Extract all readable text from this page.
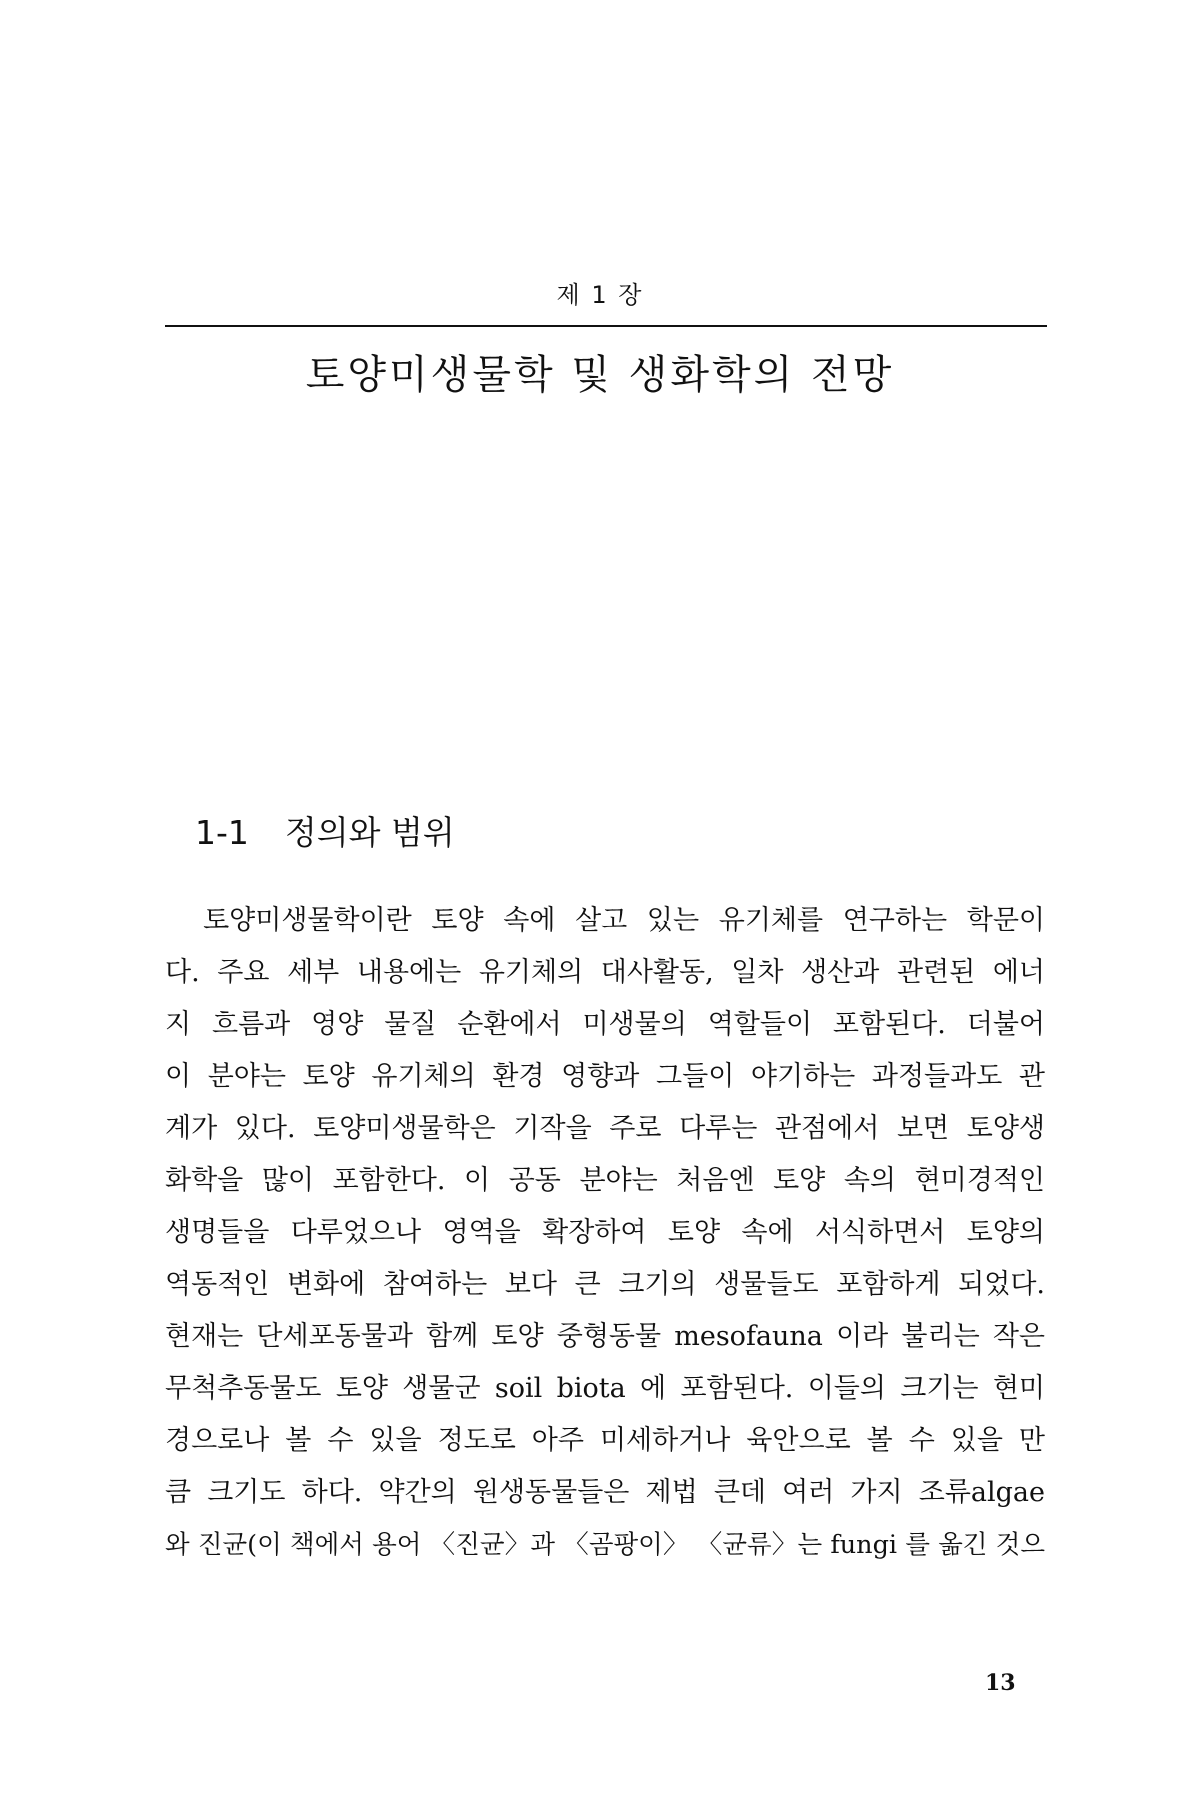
제 1 장
토양미생물학 및 생화학의 전망
1-1 정의와 범위
　토양미생물학이란 토양 속에 살고 있는 유기체를 연구하는 학문이
다. 주요 세부 내용에는 유기체의 대사활동, 일차 생산과 관련된 에너
지 흐름과 영양 물질 순환에서 미생물의 역할들이 포함된다. 더불어
이 분야는 토양 유기체의 환경 영향과 그들이 야기하는 과정들과도 관
계가 있다. 토양미생물학은 기작을 주로 다루는 관점에서 보면 토양생
화학을 많이 포함한다. 이 공동 분야는 처음엔 토양 속의 현미경적인
생명들을 다루었으나 영역을 확장하여 토양 속에 서식하면서 토양의
역동적인 변화에 참여하는 보다 큰 크기의 생물들도 포함하게 되었다.
현재는 단세포동물과 함께 토양 중형동물 mesofauna 이라 불리는 작은
무척추동물도 토양 생물군 soil biota 에 포함된다. 이들의 크기는 현미
경으로나 볼 수 있을 정도로 아주 미세하거나 육안으로 볼 수 있을 만
큼 크기도 하다. 약간의 원생동물들은 제법 큰데 여러 가지 조류algae
와 진균(이 책에서 용어 〈진균〉과 〈곰팡이〉 〈균류〉는 fungi 를 옮긴 것으
13
